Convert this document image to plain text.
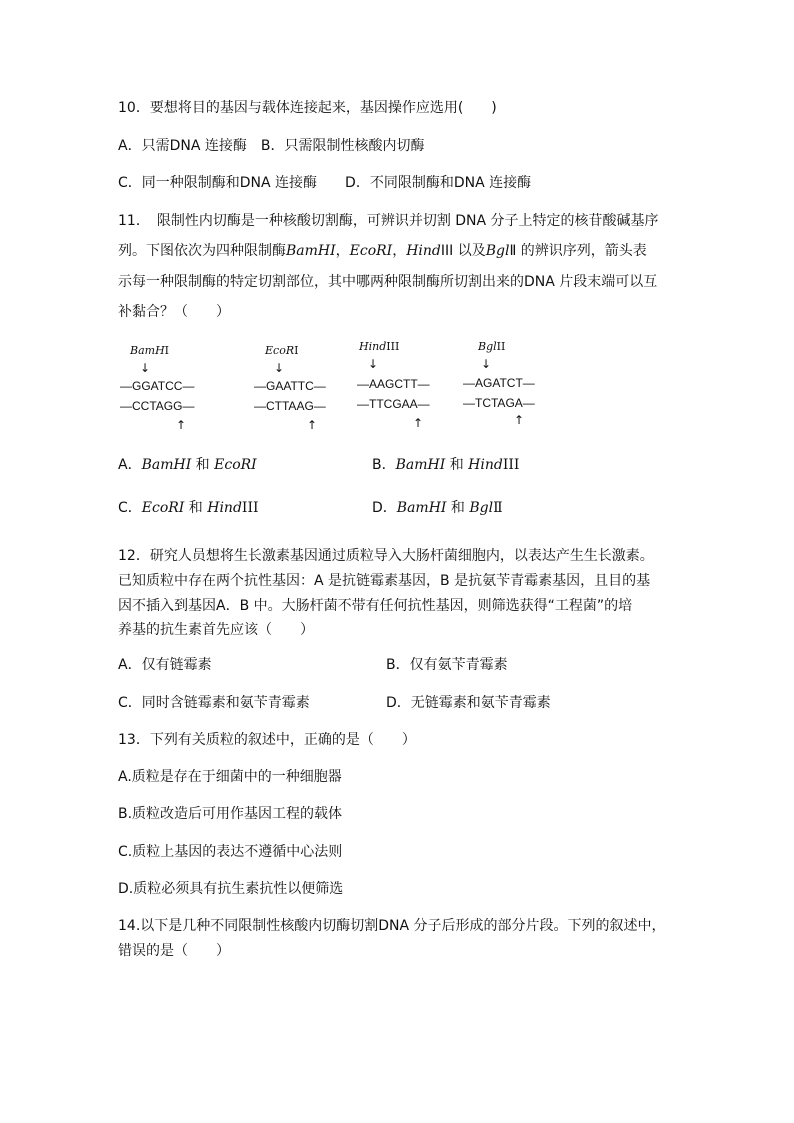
10．要想将目的基因与载体连接起来，基因操作应选用(　　)
A．只需DNA 连接酶　B．只需限制性核酸内切酶
C．同一种限制酶和DNA 连接酶　　D．不同限制酶和DNA 连接酶
11．　限制性内切酶是一种核酸切割酶，可辨识并切割 DNA 分子上特定的核苷酸碱基序
列。下图依次为四种限制酶BamHI，EcoRI，HindIII 以及BglⅡ 的辨识序列，箭头表
示每一种限制酶的特定切割部位，其中哪两种限制酶所切割出来的DNA 片段末端可以互
补黏合？（　　）
BamHⅠ
↓
—GGATCC—
—CCTAGG—
↑
EcoRⅠ
↓
—GAATTC—
—CTTAAG—
↑
HindIII
↓
—AAGCTT—
—TTCGAA—
↑
BglII
↓
—AGATCT—
—TCTAGA—
↑
A．BamHI 和 EcoRI	B．BamHI 和 HindIII
C．EcoRI 和 HindIII	D．BamHI 和 BglⅡ
12．研究人员想将生长激素基因通过质粒导入大肠杆菌细胞内，以表达产生生长激素。
已知质粒中存在两个抗性基因：A 是抗链霉素基因，B 是抗氨苄青霉素基因，且目的基
因不插入到基因A．B 中。大肠杆菌不带有任何抗性基因，则筛选获得“工程菌”的培
养基的抗生素首先应该（　　）
A．仅有链霉素	B．仅有氨苄青霉素
C．同时含链霉素和氨苄青霉素	D．无链霉素和氨苄青霉素
13．下列有关质粒的叙述中，正确的是（　　）
A.质粒是存在于细菌中的一种细胞器
B.质粒改造后可用作基因工程的载体
C.质粒上基因的表达不遵循中心法则
D.质粒必须具有抗生素抗性以便筛选
14.以下是几种不同限制性核酸内切酶切割DNA 分子后形成的部分片段。下列的叙述中，
错误的是（　　）
